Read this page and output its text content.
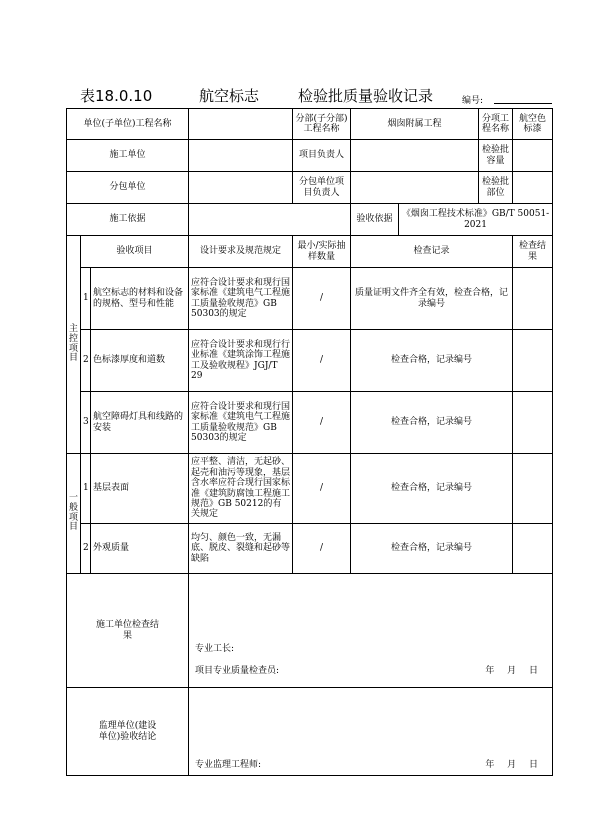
表18.0.10	航空标志	检验批质量验收记录	编号:
单位(子单位)工程名称				分部(子分部)工程名称	烟囱附属工程		分项工程名称	航空色标漆
施工单位				项目负责人			检验批容量	
分包单位				分包单位项目负责人			检验批部位	
施工依据					验收依据	《烟囱工程技术标准》GB/T 50051-2021		

主
控
项
目	验收项目		设计要求及规范规定	最小/实际抽样数量	检查记录			检查结果
	1	航空标志的材料和设备的规格、型号和性能	应符合设计要求和现行国家标准《建筑电气工程施工质量验收规范》GB 50303的规定	/	质量证明文件齐全有效，检查合格，记录编号			
	2	色标漆厚度和道数	应符合设计要求和现行行业标准《建筑涂饰工程施工及验收规程》JGJ/T 29	/	检查合格，记录编号			
	3	航空障碍灯具和线路的安装	应符合设计要求和现行国家标准《建筑电气工程施工质量验收规范》GB 50303的规定	/	检查合格，记录编号			

一
般
项
目	1	基层表面	应平整、清洁，无起砂、起壳和油污等现象，基层含水率应符合现行国家标准《建筑防腐蚀工程施工规范》GB 50212的有关规定	/	检查合格，记录编号			
	2	外观质量	均匀、颜色一致，无漏底、脱皮、裂缝和起砂等缺陷	/	检查合格，记录编号			
施工单位检查结果			专业工长:
项目专业质量检查员: 年 月 日					

监理单位(建设单位)验收结论			专业监理工程师: 年 月 日					
